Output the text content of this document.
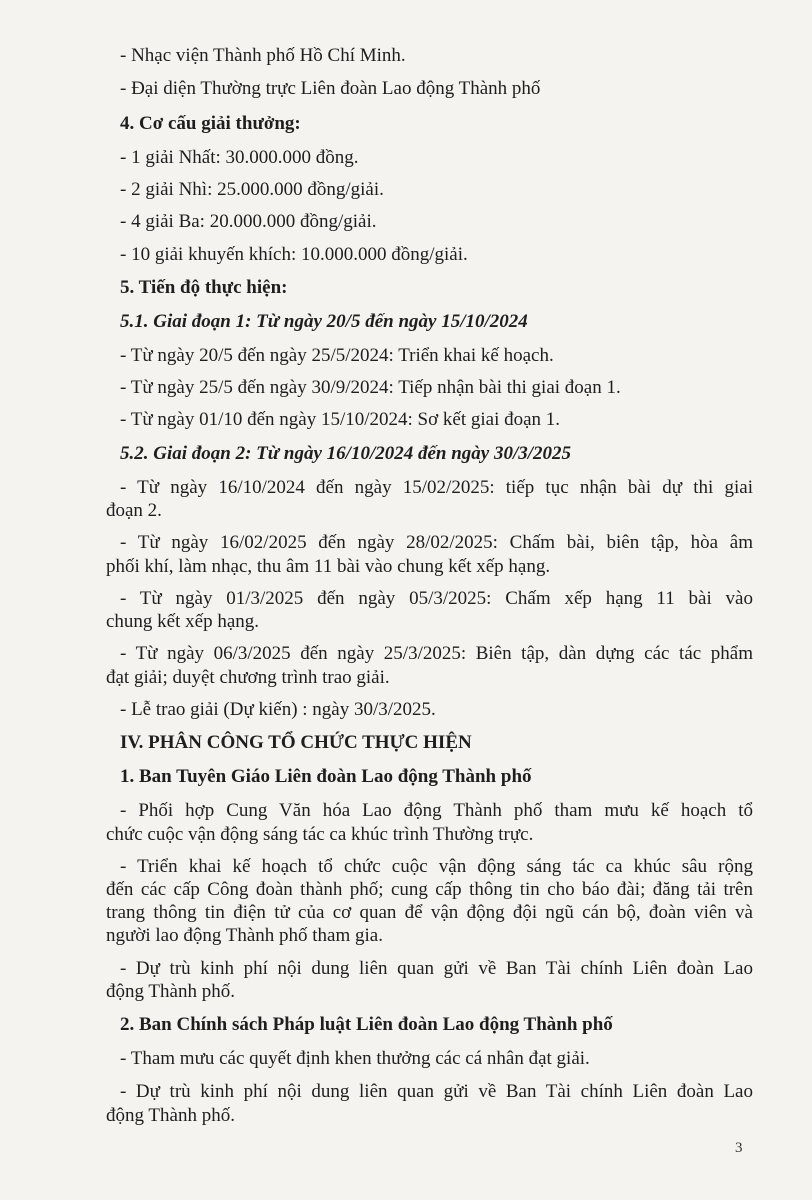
3

- Nhạc viện Thành phố Hồ Chí Minh.

- Đại diện Thường trực Liên đoàn Lao động Thành phố

4. Cơ cấu giải thưởng:

- 1 giải Nhất: 30.000.000 đồng.

- 2 giải Nhì: 25.000.000 đồng/giải.

- 4 giải Ba: 20.000.000 đồng/giải.

- 10 giải khuyến khích: 10.000.000 đồng/giải.

5. Tiến độ thực hiện:

5.1. Giai đoạn 1: Từ ngày 20/5 đến ngày 15/10/2024

- Từ ngày 20/5 đến ngày 25/5/2024: Triển khai kế hoạch.

- Từ ngày 25/5 đến ngày 30/9/2024: Tiếp nhận bài thi giai đoạn 1.

- Từ ngày 01/10 đến ngày 15/10/2024: Sơ kết giai đoạn 1.

5.2. Giai đoạn 2: Từ ngày 16/10/2024 đến ngày 30/3/2025

- Từ ngày 16/10/2024 đến ngày 15/02/2025: tiếp tục nhận bài dự thi giai

đoạn 2.

- Từ ngày 16/02/2025 đến ngày 28/02/2025: Chấm bài, biên tập, hòa âm

phối khí, làm nhạc, thu âm 11 bài vào chung kết xếp hạng.

- Từ ngày 01/3/2025 đến ngày 05/3/2025: Chấm xếp hạng 11 bài vào

chung kết xếp hạng.

- Từ ngày 06/3/2025 đến ngày 25/3/2025: Biên tập, dàn dựng các tác phẩm

đạt giải; duyệt chương trình trao giải.

- Lễ trao giải (Dự kiến) : ngày 30/3/2025.

IV. PHÂN CÔNG TỔ CHỨC THỰC HIỆN

1. Ban Tuyên Giáo Liên đoàn Lao động Thành phố

- Phối hợp Cung Văn hóa Lao động Thành phố tham mưu kế hoạch tổ

chức cuộc vận động sáng tác ca khúc trình Thường trực.

- Triển khai kế hoạch tổ chức cuộc vận động sáng tác ca khúc sâu rộng

đến các cấp Công đoàn thành phố; cung cấp thông tin cho báo đài; đăng tải trên

trang thông tin điện tử của cơ quan để vận động đội ngũ cán bộ, đoàn viên và

người lao động Thành phố tham gia.

- Dự trù kinh phí nội dung liên quan gửi về Ban Tài chính Liên đoàn Lao

động Thành phố.

2. Ban Chính sách Pháp luật Liên đoàn Lao động Thành phố

- Tham mưu các quyết định khen thưởng các cá nhân đạt giải.

- Dự trù kinh phí nội dung liên quan gửi về Ban Tài chính Liên đoàn Lao

động Thành phố.
